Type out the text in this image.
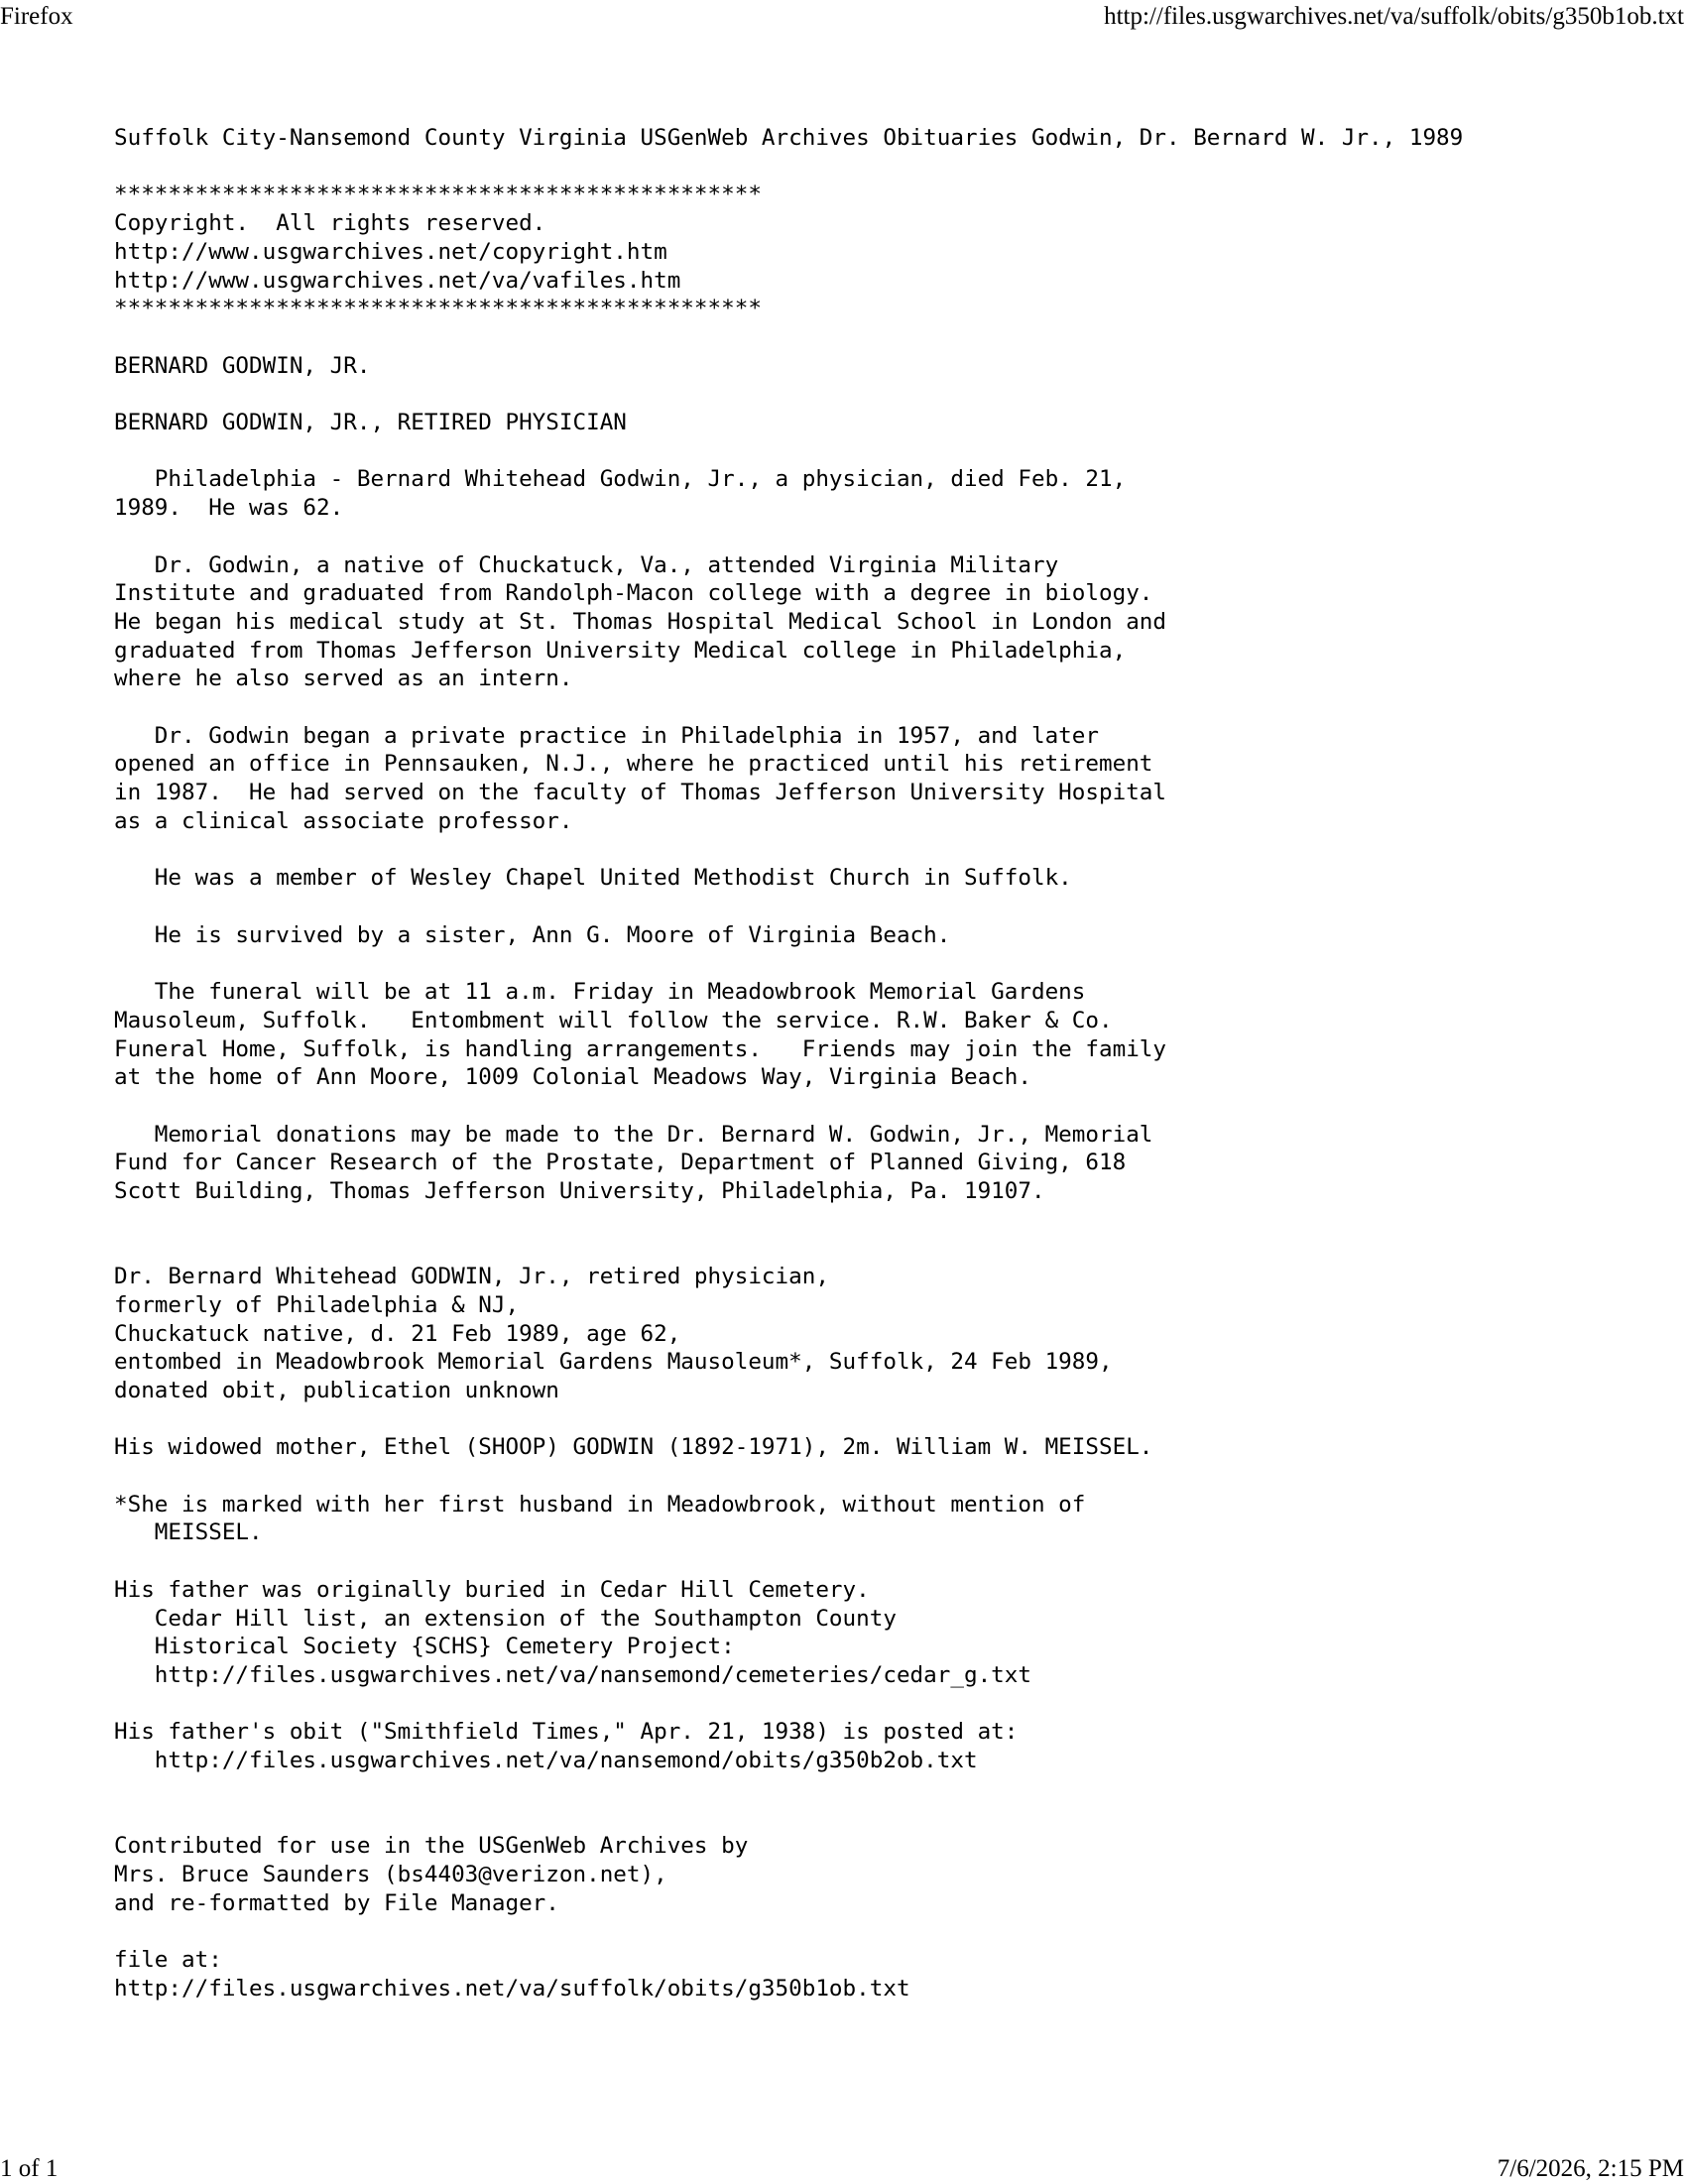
Firefox	http://files.usgwarchives.net/va/suffolk/obits/g350b1ob.txt
Suffolk City-Nansemond County Virginia USGenWeb Archives Obituaries Godwin, Dr. Bernard W. Jr., 1989

************************************************
Copyright.  All rights reserved.
http://www.usgwarchives.net/copyright.htm
http://www.usgwarchives.net/va/vafiles.htm
************************************************

BERNARD GODWIN, JR.

BERNARD GODWIN, JR., RETIRED PHYSICIAN

Philadelphia - Bernard Whitehead Godwin, Jr., a physician, died Feb. 21,
1989.  He was 62.

Dr. Godwin, a native of Chuckatuck, Va., attended Virginia Military
Institute and graduated from Randolph-Macon college with a degree in biology.
He began his medical study at St. Thomas Hospital Medical School in London and
graduated from Thomas Jefferson University Medical college in Philadelphia,
where he also served as an intern.

Dr. Godwin began a private practice in Philadelphia in 1957, and later
opened an office in Pennsauken, N.J., where he practiced until his retirement
in 1987.  He had served on the faculty of Thomas Jefferson University Hospital
as a clinical associate professor.

He was a member of Wesley Chapel United Methodist Church in Suffolk.

He is survived by a sister, Ann G. Moore of Virginia Beach.

The funeral will be at 11 a.m. Friday in Meadowbrook Memorial Gardens
Mausoleum, Suffolk.   Entombment will follow the service. R.W. Baker & Co.
Funeral Home, Suffolk, is handling arrangements.   Friends may join the family
at the home of Ann Moore, 1009 Colonial Meadows Way, Virginia Beach.

Memorial donations may be made to the Dr. Bernard W. Godwin, Jr., Memorial
Fund for Cancer Research of the Prostate, Department of Planned Giving, 618
Scott Building, Thomas Jefferson University, Philadelphia, Pa. 19107.

Dr. Bernard Whitehead GODWIN, Jr., retired physician,
formerly of Philadelphia & NJ,
Chuckatuck native, d. 21 Feb 1989, age 62,
entombed in Meadowbrook Memorial Gardens Mausoleum*, Suffolk, 24 Feb 1989,
donated obit, publication unknown

His widowed mother, Ethel (SHOOP) GODWIN (1892-1971), 2m. William W. MEISSEL.

*She is marked with her first husband in Meadowbrook, without mention of
MEISSEL.

His father was originally buried in Cedar Hill Cemetery.
Cedar Hill list, an extension of the Southampton County
Historical Society {SCHS} Cemetery Project:
http://files.usgwarchives.net/va/nansemond/cemeteries/cedar_g.txt

His father's obit ("Smithfield Times," Apr. 21, 1938) is posted at:
http://files.usgwarchives.net/va/nansemond/obits/g350b2ob.txt

Contributed for use in the USGenWeb Archives by
Mrs. Bruce Saunders (bs4403@verizon.net),
and re-formatted by File Manager.

file at:
http://files.usgwarchives.net/va/suffolk/obits/g350b1ob.txt
1 of 1	7/6/2026, 2:15 PM
